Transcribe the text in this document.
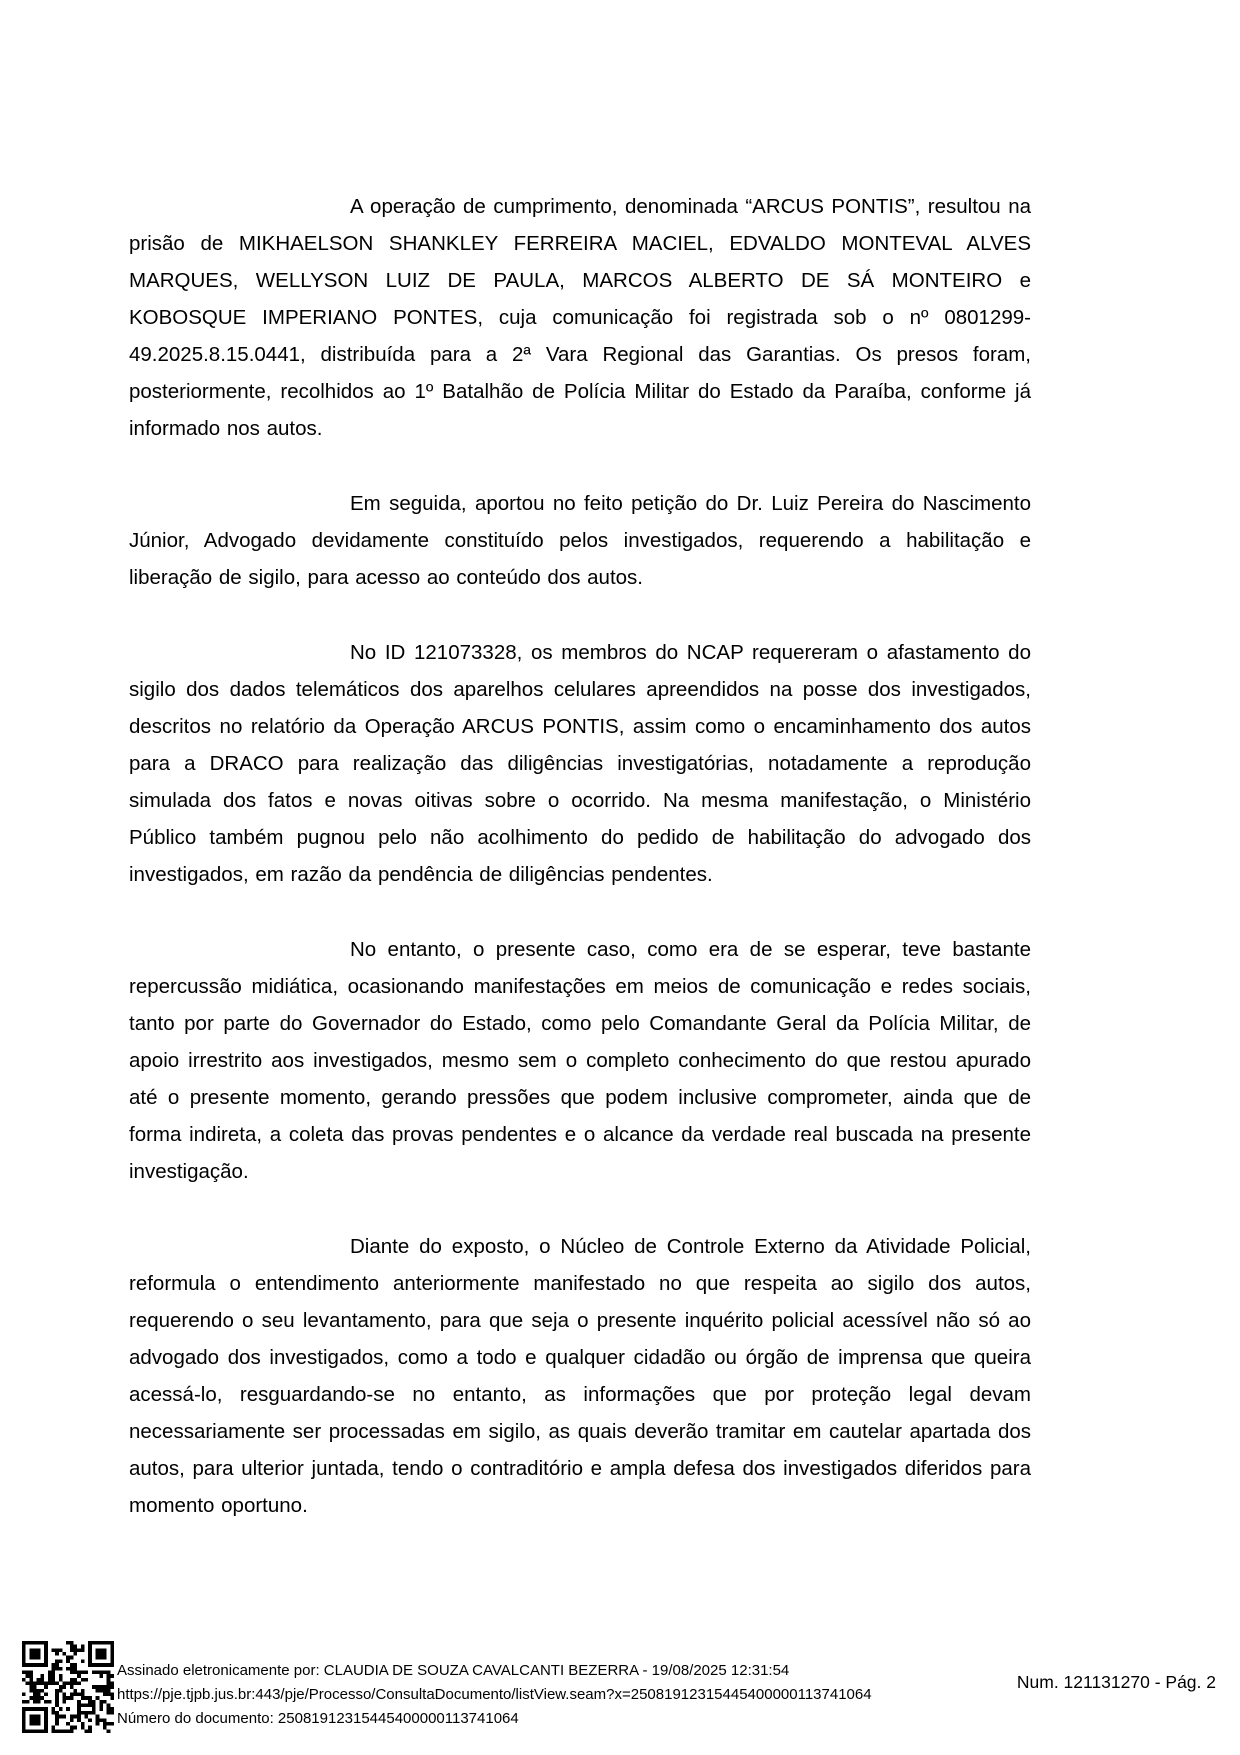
A operação de cumprimento, denominada “ARCUS PONTIS”, resultou na prisão de MIKHAELSON SHANKLEY FERREIRA MACIEL, EDVALDO MONTEVAL ALVES MARQUES, WELLYSON LUIZ DE PAULA, MARCOS ALBERTO DE SÁ MONTEIRO e KOBOSQUE IMPERIANO PONTES, cuja comunicação foi registrada sob o nº 0801299-49.2025.8.15.0441, distribuída para a 2ª Vara Regional das Garantias. Os presos foram, posteriormente, recolhidos ao 1º Batalhão de Polícia Militar do Estado da Paraíba, conforme já informado nos autos.

Em seguida, aportou no feito petição do Dr. Luiz Pereira do Nascimento Júnior, Advogado devidamente constituído pelos investigados, requerendo a habilitação e liberação de sigilo, para acesso ao conteúdo dos autos.

No ID 121073328, os membros do NCAP requereram o afastamento do sigilo dos dados telemáticos dos aparelhos celulares apreendidos na posse dos investigados, descritos no relatório da Operação ARCUS PONTIS, assim como o encaminhamento dos autos para a DRACO para realização das diligências investigatórias, notadamente a reprodução simulada dos fatos e novas oitivas sobre o ocorrido. Na mesma manifestação, o Ministério Público também pugnou pelo não acolhimento do pedido de habilitação do advogado dos investigados, em razão da pendência de diligências pendentes.

No entanto, o presente caso, como era de se esperar, teve bastante repercussão midiática, ocasionando manifestações em meios de comunicação e redes sociais, tanto por parte do Governador do Estado, como pelo Comandante Geral da Polícia Militar, de apoio irrestrito aos investigados, mesmo sem o completo conhecimento do que restou apurado até o presente momento, gerando pressões que podem inclusive comprometer, ainda que de forma indireta, a coleta das provas pendentes e o alcance da verdade real buscada na presente investigação.

Diante do exposto, o Núcleo de Controle Externo da Atividade Policial, reformula o entendimento anteriormente manifestado no que respeita ao sigilo dos autos, requerendo o seu levantamento, para que seja o presente inquérito policial acessível não só ao advogado dos investigados, como a todo e qualquer cidadão ou órgão de imprensa que queira acessá-lo, resguardando-se no entanto, as informações que por proteção legal devam necessariamente ser processadas em sigilo, as quais deverão tramitar em cautelar apartada dos autos, para ulterior juntada, tendo o contraditório e ampla defesa dos investigados diferidos para momento oportuno.

Assinado eletronicamente por: CLAUDIA DE SOUZA CAVALCANTI BEZERRA - 19/08/2025 12:31:54
https://pje.tjpb.jus.br:443/pje/Processo/ConsultaDocumento/listView.seam?x=25081912315445400000113741064
Número do documento: 25081912315445400000113741064
Num. 121131270 - Pág. 2
